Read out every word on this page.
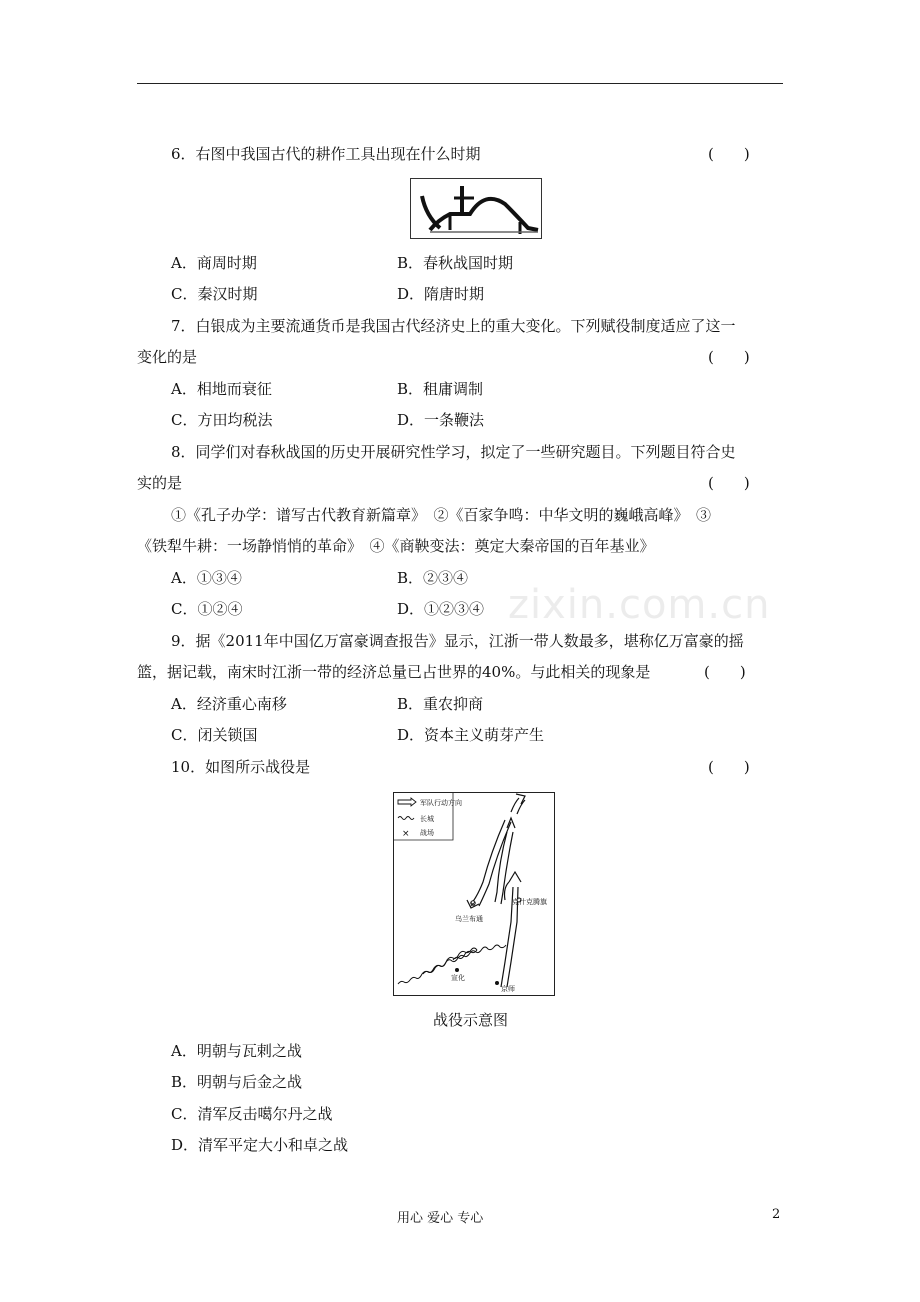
zixin.com.cn
6．右图中我国古代的耕作工具出现在什么时期	(　　)
A．商周时期	B．春秋战国时期
C．秦汉时期	D．隋唐时期
7．白银成为主要流通货币是我国古代经济史上的重大变化。下列赋役制度适应了这一
变化的是	(　　)
A．相地而衰征	B．租庸调制
C．方田均税法	D．一条鞭法
8．同学们对春秋战国的历史开展研究性学习，拟定了一些研究题目。下列题目符合史
实的是	(　　)
①《孔子办学：谱写古代教育新篇章》　②《百家争鸣：中华文明的巍峨高峰》　③
《铁犁牛耕：一场静悄悄的革命》　④《商鞅变法：奠定大秦帝国的百年基业》
A．①③④	B．②③④
C．①②④	D．①②③④
9．据《2011年中国亿万富豪调查报告》显示，江浙一带人数最多，堪称亿万富豪的摇
篮，据记载，南宋时江浙一带的经济总量已占世界的40%。与此相关的现象是	(　　)
A．经济重心南移	B．重农抑商
C．闭关锁国	D．资本主义萌芽产生
10．如图所示战役是	(　　)
军队行动方向
长城
× 战场
×
乌兰布通
克什克腾旗
宣化
京师
战役示意图
A．明朝与瓦剌之战
B．明朝与后金之战
C．清军反击噶尔丹之战
D．清军平定大小和卓之战
用心 爱心 专心	2
